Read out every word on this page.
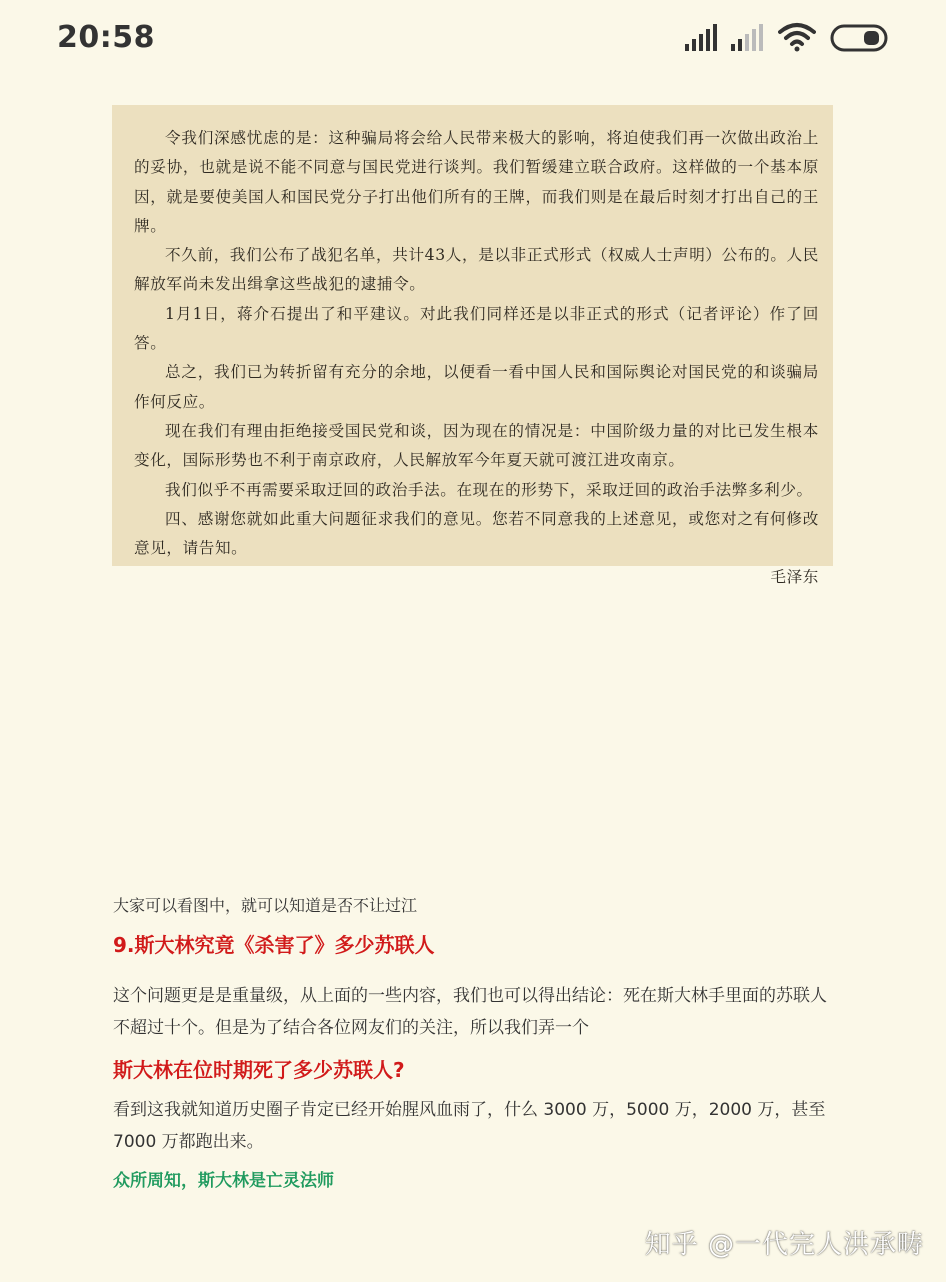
20:58

令我们深感忧虑的是：这种骗局将会给人民带来极大的影响，将迫使我们再一次做出政治上的妥协，也就是说不能不同意与国民党进行谈判。我们暂缓建立联合政府。这样做的一个基本原因，就是要使美国人和国民党分子打出他们所有的王牌，而我们则是在最后时刻才打出自己的王牌。

不久前，我们公布了战犯名单，共计43人，是以非正式形式（权威人士声明）公布的。人民解放军尚未发出缉拿这些战犯的逮捕令。

1月1日，蒋介石提出了和平建议。对此我们同样还是以非正式的形式（记者评论）作了回答。

总之，我们已为转折留有充分的余地，以便看一看中国人民和国际舆论对国民党的和谈骗局作何反应。

现在我们有理由拒绝接受国民党和谈，因为现在的情况是：中国阶级力量的对比已发生根本变化，国际形势也不利于南京政府，人民解放军今年夏天就可渡江进攻南京。

我们似乎不再需要采取迂回的政治手法。在现在的形势下，采取迂回的政治手法弊多利少。

四、感谢您就如此重大问题征求我们的意见。您若不同意我的上述意见，或您对之有何修改意见，请告知。

毛泽东

大家可以看图中，就可以知道是否不让过江
9.斯大林究竟《杀害了》多少苏联人
这个问题更是是重量级，从上面的一些内容，我们也可以得出结论：死在斯大林手里面的苏联人不超过十个。但是为了结合各位网友们的关注，所以我们弄一个
斯大林在位时期死了多少苏联人?
看到这我就知道历史圈子肯定已经开始腥风血雨了，什么 3000 万，5000 万，2000 万，甚至 7000 万都跑出来。
众所周知，斯大林是亡灵法师
知乎 @一代完人洪承畴
